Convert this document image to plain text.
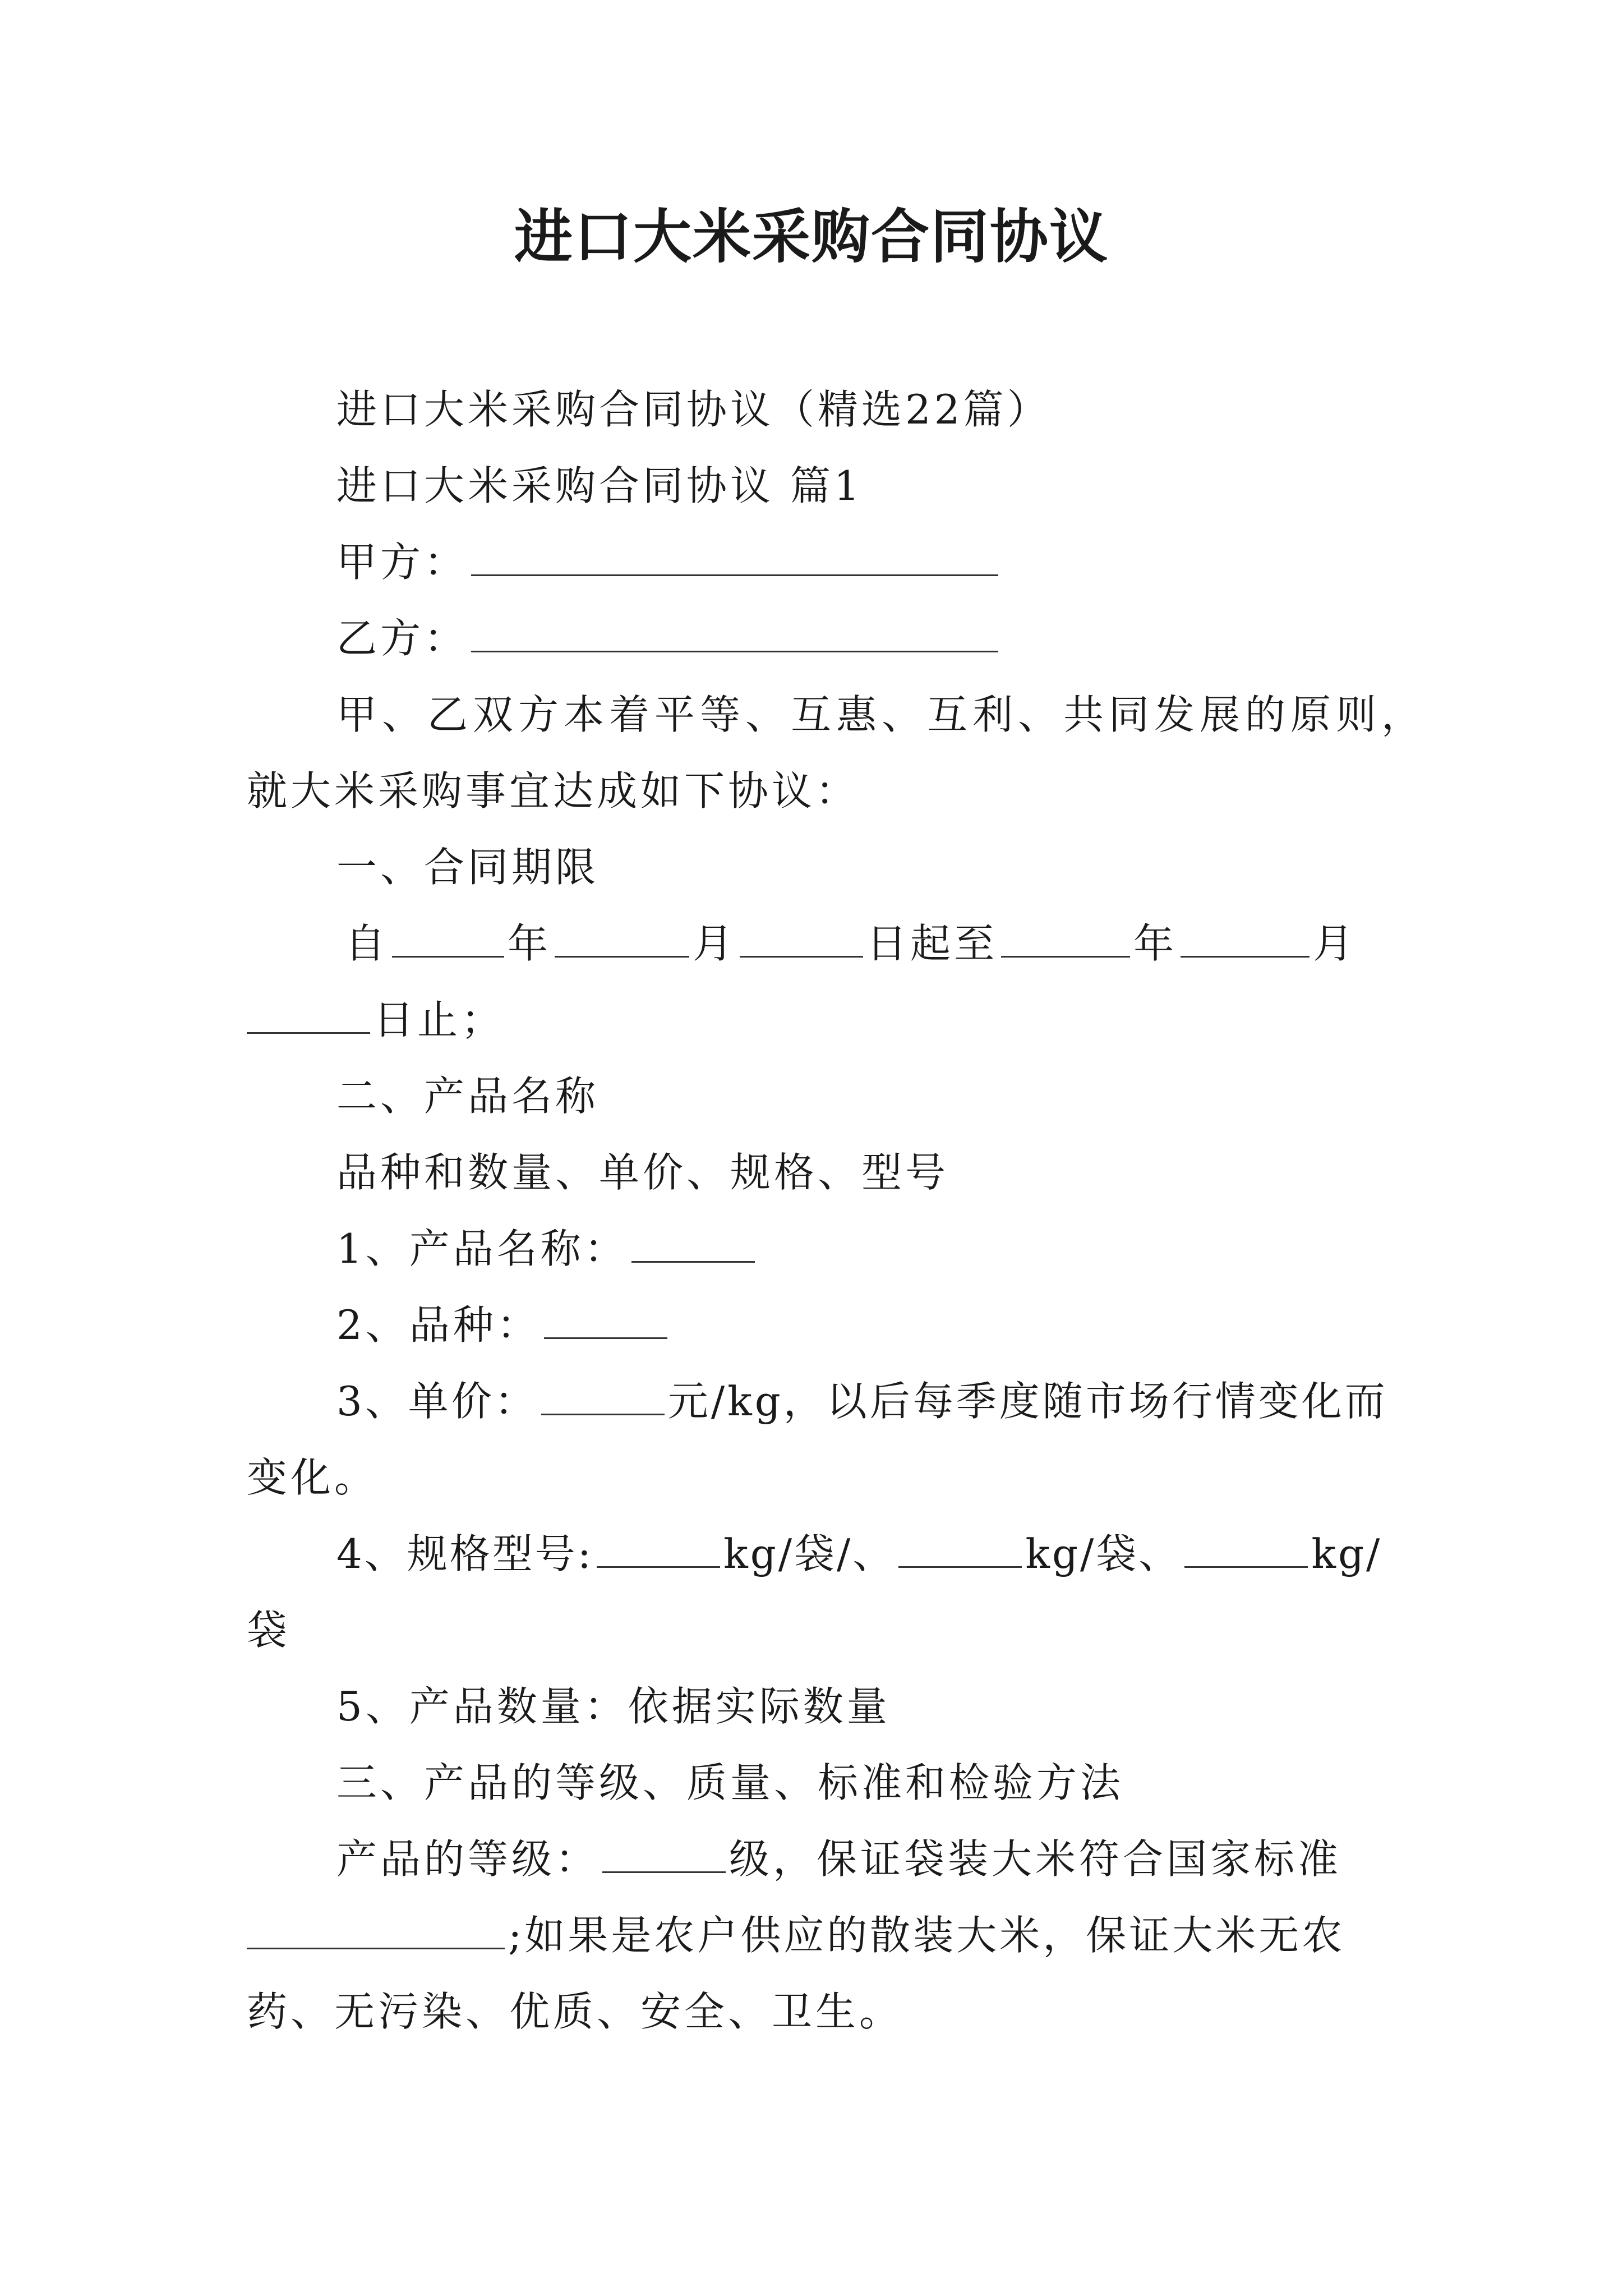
进口大米采购合同协议
进口大米采购合同协议（精选22篇）
进口大米采购合同协议 篇1
甲方：
乙方：
甲、乙双方本着平等、互惠、互利、共同发展的原则，
就大米采购事宜达成如下协议：
一、合同期限
自	年	月	日起至	年	月
日止；
二、产品名称
品种和数量、单价、规格、型号
1、产品名称：
2、品种：
3、单价：	元/kg，以后每季度随市场行情变化而
变化。
4、规格型号:	kg/袋/、	kg/袋、	kg/
袋
5、产品数量：依据实际数量
三、产品的等级、质量、标准和检验方法
产品的等级：	级，保证袋装大米符合国家标准
;如果是农户供应的散装大米，保证大米无农
药、无污染、优质、安全、卫生。
